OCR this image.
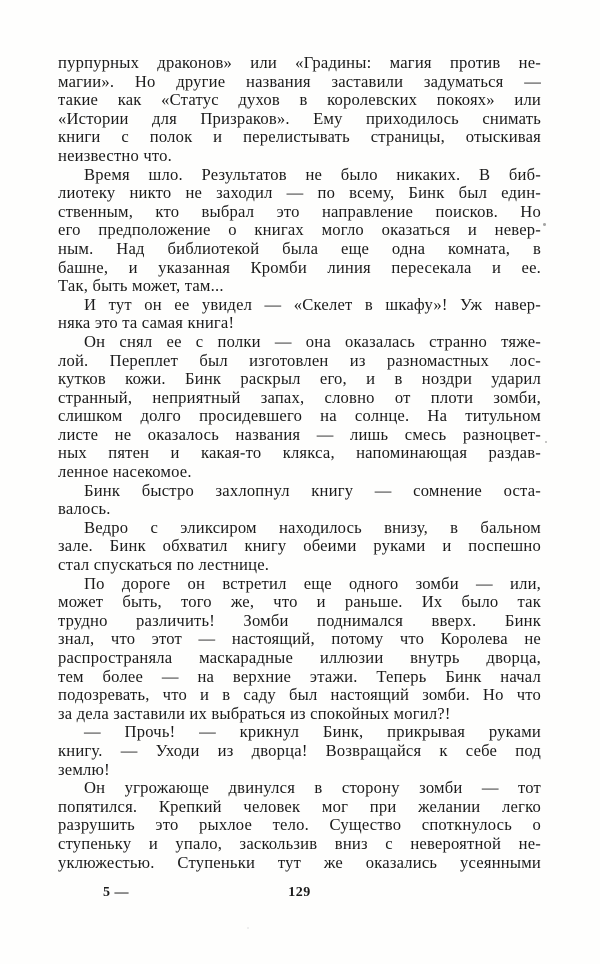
пурпурных драконов» или «Градины: магия против не-
магии». Но другие названия заставили задуматься —
такие как «Статус духов в королевских покоях» или
«Истории для Призраков». Ему приходилось снимать
книги с полок и перелистывать страницы, отыскивая
неизвестно что.
Время шло. Результатов не было никаких. В биб-
лиотеку никто не заходил — по всему, Бинк был един-
ственным, кто выбрал это направление поисков. Но
его предположение о книгах могло оказаться и невер-
ным. Над библиотекой была еще одна комната, в
башне, и указанная Кромби линия пересекала и ее.
Так, быть может, там...
И тут он ее увидел — «Скелет в шкафу»! Уж навер-
няка это та самая книга!
Он снял ее с полки — она оказалась странно тяже-
лой. Переплет был изготовлен из разномастных лос-
кутков кожи. Бинк раскрыл его, и в ноздри ударил
странный, неприятный запах, словно от плоти зомби,
слишком долго просидевшего на солнце. На титульном
листе не оказалось названия — лишь смесь разноцвет-
ных пятен и какая-то клякса, напоминающая раздав-
ленное насекомое.
Бинк быстро захлопнул книгу — сомнение оста-
валось.
Ведро с эликсиром находилось внизу, в бальном
зале. Бинк обхватил книгу обеими руками и поспешно
стал спускаться по лестнице.
По дороге он встретил еще одного зомби — или,
может быть, того же, что и раньше. Их было так
трудно различить! Зомби поднимался вверх. Бинк
знал, что этот — настоящий, потому что Королева не
распространяла маскарадные иллюзии внутрь дворца,
тем более — на верхние этажи. Теперь Бинк начал
подозревать, что и в саду был настоящий зомби. Но что
за дела заставили их выбраться из спокойных могил?!
— Прочь! — крикнул Бинк, прикрывая руками
книгу. — Уходи из дворца! Возвращайся к себе под
землю!
Он угрожающе двинулся в сторону зомби — тот
попятился. Крепкий человек мог при желании легко
разрушить это рыхлое тело. Существо споткнулось о
ступеньку и упало, заскользив вниз с невероятной не-
уклюжестью. Ступеньки тут же оказались усеянными
5 —	129
